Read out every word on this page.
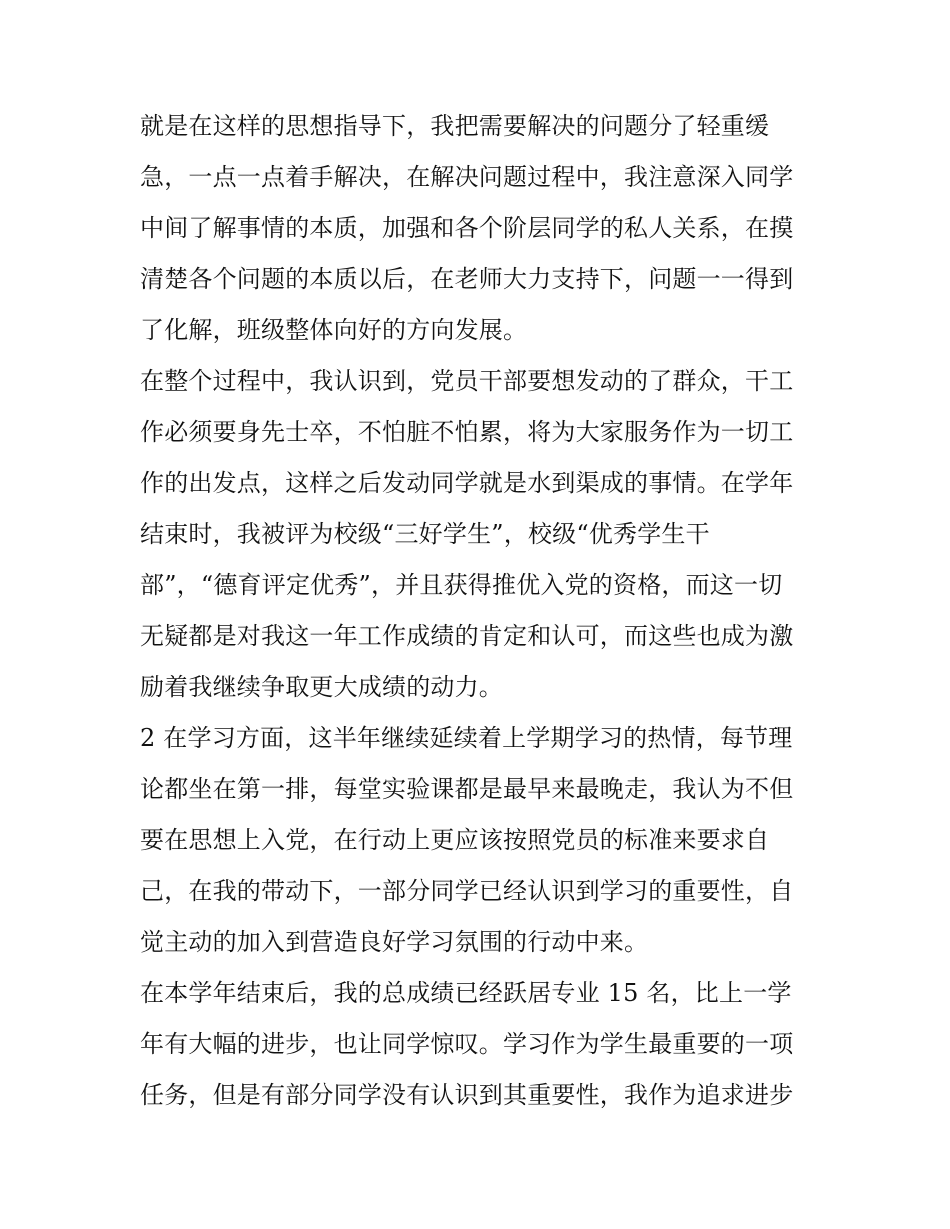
就是在这样的思想指导下，我把需要解决的问题分了轻重缓
急，一点一点着手解决，在解决问题过程中，我注意深入同学
中间了解事情的本质，加强和各个阶层同学的私人关系，在摸
清楚各个问题的本质以后，在老师大力支持下，问题一一得到
了化解，班级整体向好的方向发展。
在整个过程中，我认识到，党员干部要想发动的了群众，干工
作必须要身先士卒，不怕脏不怕累，将为大家服务作为一切工
作的出发点，这样之后发动同学就是水到渠成的事情。在学年
结束时，我被评为校级“三好学生”，校级“优秀学生干
部”，“德育评定优秀”，并且获得推优入党的资格，而这一切
无疑都是对我这一年工作成绩的肯定和认可，而这些也成为激
励着我继续争取更大成绩的动力。
2 在学习方面，这半年继续延续着上学期学习的热情，每节理
论都坐在第一排，每堂实验课都是最早来最晚走，我认为不但
要在思想上入党，在行动上更应该按照党员的标准来要求自
己，在我的带动下，一部分同学已经认识到学习的重要性，自
觉主动的加入到营造良好学习氛围的行动中来。
在本学年结束后，我的总成绩已经跃居专业 15 名，比上一学
年有大幅的进步，也让同学惊叹。学习作为学生最重要的一项
任务，但是有部分同学没有认识到其重要性，我作为追求进步
